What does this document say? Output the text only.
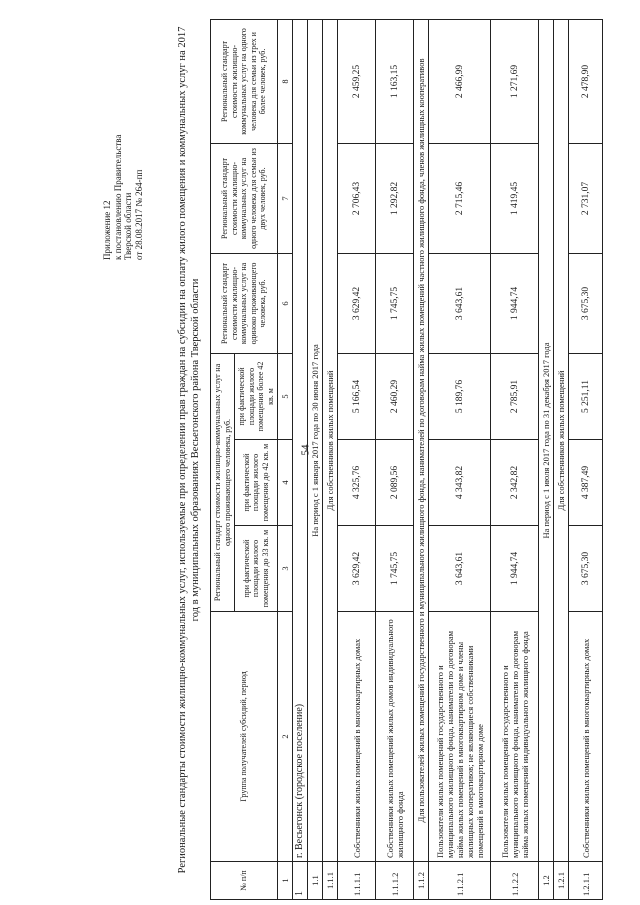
54
Приложение 12 к постановлению Правительства Тверской области от 28.08.2017 № 264-пп	Региональные стандарты стоимости жилищно-коммунальных услуг, используемые при определении прав граждан на субсидии на оплату жилого помещения и коммунальных услуг на 2017 год в муниципальных образованиях Весьегонского района Тверской области
№ п/п	Группа получателей субсидий, период	Региональный стандарт стоимости жилищно-коммунальных услуг на одного проживающего человека, руб.			Региональный стандарт стоимости жилищно-коммунальных услуг на одиноко проживающего человека, руб.	Региональный стандарт стоимости жилищно-коммунальных услуг на одного человека для семьи из двух человек, руб.	Региональный стандарт стоимости жилищно-коммунальных услуг на одного человека для семьи из трех и более человек, руб.
		при фактической площади жилого помещения до 33 кв. м	при фактической площади жилого помещения до 42 кв. м	при фактической площади жилого помещения более 42 кв. м			
1	2	3	4	5	6	7	8
1	г. Весьегонск (городское поселение)						
1.1	На период с 1 января 2017 года по 30 июня 2017 года						
1.1.1	Для собственников жилых помещений						
1.1.1.1	Собственники жилых помещений в многоквартирных домах	3 629,42	4 325,76	5 166,54	3 629,42	2 706,43	2 459,25
1.1.1.2	Собственники жилых помещений жилых домов индивидуального жилищного фонда	1 745,75	2 089,56	2 460,29	1 745,75	1 292,82	1 163,15
1.1.2	Для пользователей жилых помещений государственного и муниципального жилищного фонда, нанимателей по договорам найма жилых помещений частного жилищного фонда, членов жилищных кооперативов						
1.1.2.1	Пользователи жилых помещений государственного и муниципального жилищного фонда, наниматели по договорам найма жилых помещений в многоквартирном доме и члены жилищных кооперативов; не являющиеся собственниками помещений в многоквартирном доме	3 643,61	4 343,82	5 189,76	3 643,61	2 715,46	2 466,99
1.1.2.2	Пользователи жилых помещений государственного и муниципального жилищного фонда, наниматели по договорам найма жилых помещений индивидуального жилищного фонда	1 944,74	2 342,82	2 785,91	1 944,74	1 419,45	1 271,69
1.2	На период с 1 июля 2017 года по 31 декабря 2017 года						
1.2.1	Для собственников жилых помещений						
1.2.1.1	Собственники жилых помещений в многоквартирных домах	3 675,30	4 387,49	5 251,11	3 675,30	2 731,07	2 478,90
